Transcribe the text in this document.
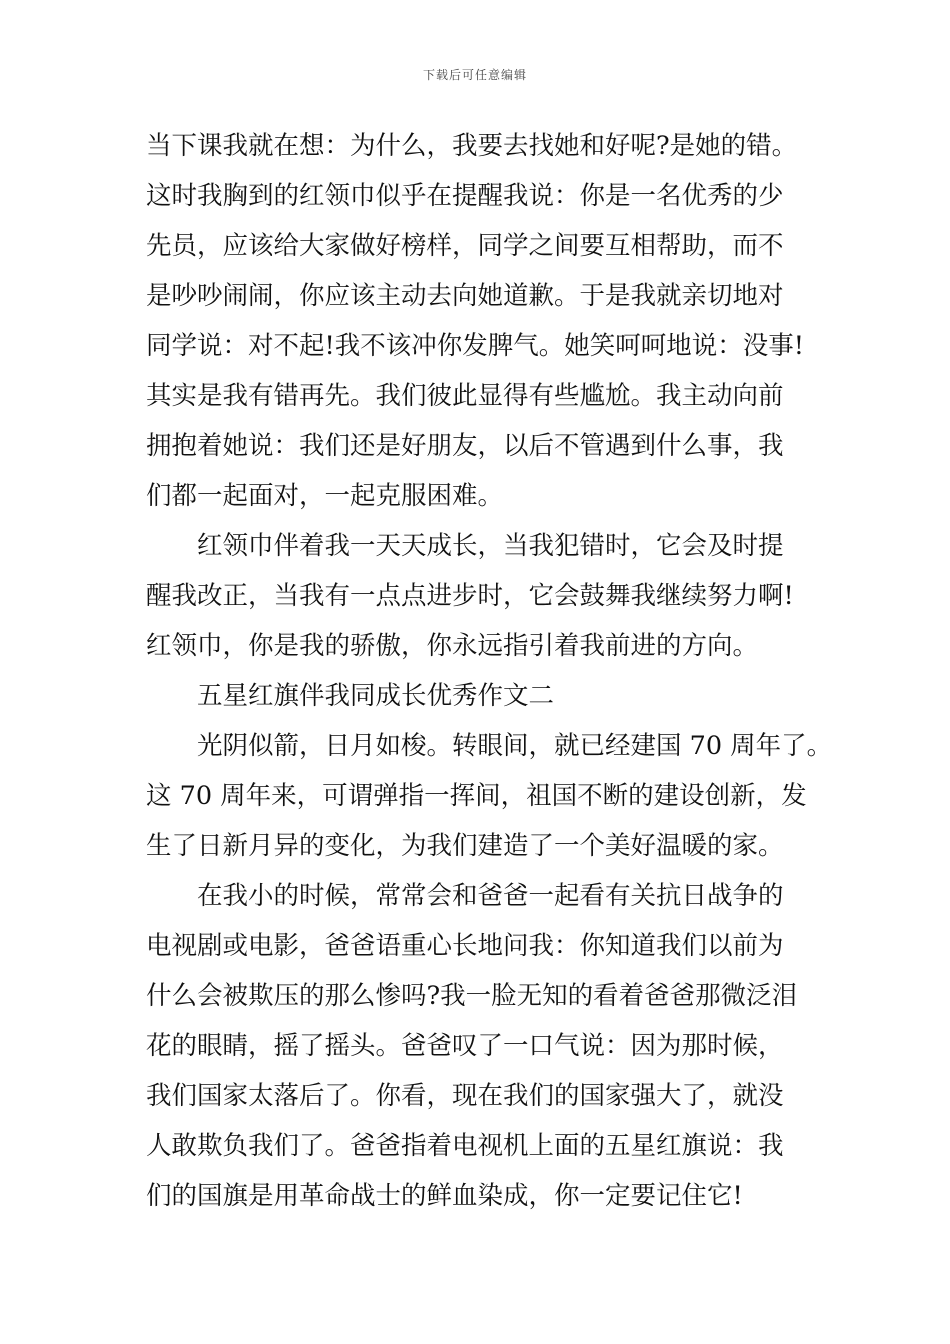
下载后可任意编辑
当下课我就在想：为什么，我要去找她和好呢?是她的错。
这时我胸到的红领巾似乎在提醒我说：你是一名优秀的少
先员，应该给大家做好榜样，同学之间要互相帮助，而不
是吵吵闹闹，你应该主动去向她道歉。于是我就亲切地对
同学说：对不起!我不该冲你发脾气。她笑呵呵地说：没事!
其实是我有错再先。我们彼此显得有些尴尬。我主动向前
拥抱着她说：我们还是好朋友，以后不管遇到什么事，我
们都一起面对，一起克服困难。
红领巾伴着我一天天成长，当我犯错时，它会及时提
醒我改正，当我有一点点进步时，它会鼓舞我继续努力啊!
红领巾，你是我的骄傲，你永远指引着我前进的方向。
五星红旗伴我同成长优秀作文二
光阴似箭，日月如梭。转眼间，就已经建国 70 周年了。
这 70 周年来，可谓弹指一挥间，祖国不断的建设创新，发
生了日新月异的变化，为我们建造了一个美好温暖的家。
在我小的时候，常常会和爸爸一起看有关抗日战争的
电视剧或电影，爸爸语重心长地问我：你知道我们以前为
什么会被欺压的那么惨吗?我一脸无知的看着爸爸那微泛泪
花的眼睛，摇了摇头。爸爸叹了一口气说：因为那时候，
我们国家太落后了。你看，现在我们的国家强大了，就没
人敢欺负我们了。爸爸指着电视机上面的五星红旗说：我
们的国旗是用革命战士的鲜血染成，你一定要记住它!
